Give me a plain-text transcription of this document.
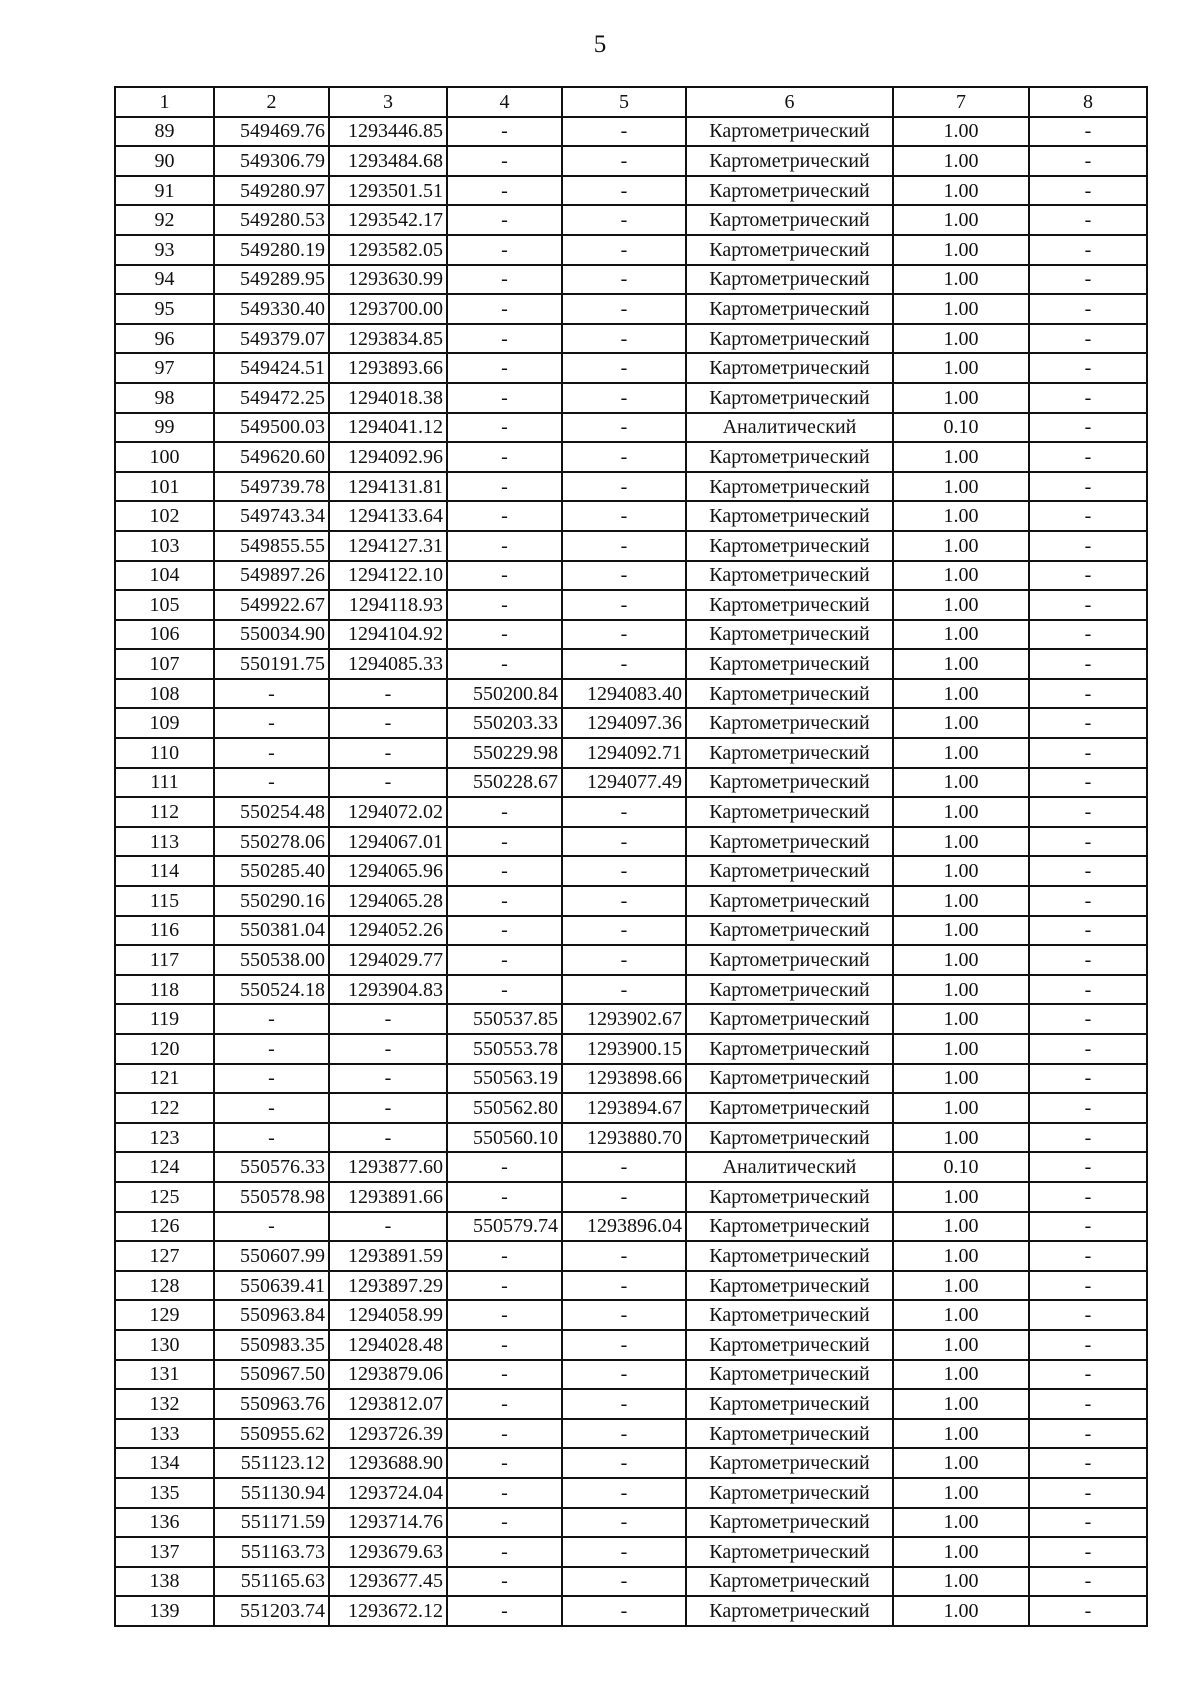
5
1	2	3	4	5	6	7	8
89	549469.76	1293446.85	-	-	Картометрический	1.00	-
90	549306.79	1293484.68	-	-	Картометрический	1.00	-
91	549280.97	1293501.51	-	-	Картометрический	1.00	-
92	549280.53	1293542.17	-	-	Картометрический	1.00	-
93	549280.19	1293582.05	-	-	Картометрический	1.00	-
94	549289.95	1293630.99	-	-	Картометрический	1.00	-
95	549330.40	1293700.00	-	-	Картометрический	1.00	-
96	549379.07	1293834.85	-	-	Картометрический	1.00	-
97	549424.51	1293893.66	-	-	Картометрический	1.00	-
98	549472.25	1294018.38	-	-	Картометрический	1.00	-
99	549500.03	1294041.12	-	-	Аналитический	0.10	-
100	549620.60	1294092.96	-	-	Картометрический	1.00	-
101	549739.78	1294131.81	-	-	Картометрический	1.00	-
102	549743.34	1294133.64	-	-	Картометрический	1.00	-
103	549855.55	1294127.31	-	-	Картометрический	1.00	-
104	549897.26	1294122.10	-	-	Картометрический	1.00	-
105	549922.67	1294118.93	-	-	Картометрический	1.00	-
106	550034.90	1294104.92	-	-	Картометрический	1.00	-
107	550191.75	1294085.33	-	-	Картометрический	1.00	-
108	-	-	550200.84	1294083.40	Картометрический	1.00	-
109	-	-	550203.33	1294097.36	Картометрический	1.00	-
110	-	-	550229.98	1294092.71	Картометрический	1.00	-
111	-	-	550228.67	1294077.49	Картометрический	1.00	-
112	550254.48	1294072.02	-	-	Картометрический	1.00	-
113	550278.06	1294067.01	-	-	Картометрический	1.00	-
114	550285.40	1294065.96	-	-	Картометрический	1.00	-
115	550290.16	1294065.28	-	-	Картометрический	1.00	-
116	550381.04	1294052.26	-	-	Картометрический	1.00	-
117	550538.00	1294029.77	-	-	Картометрический	1.00	-
118	550524.18	1293904.83	-	-	Картометрический	1.00	-
119	-	-	550537.85	1293902.67	Картометрический	1.00	-
120	-	-	550553.78	1293900.15	Картометрический	1.00	-
121	-	-	550563.19	1293898.66	Картометрический	1.00	-
122	-	-	550562.80	1293894.67	Картометрический	1.00	-
123	-	-	550560.10	1293880.70	Картометрический	1.00	-
124	550576.33	1293877.60	-	-	Аналитический	0.10	-
125	550578.98	1293891.66	-	-	Картометрический	1.00	-
126	-	-	550579.74	1293896.04	Картометрический	1.00	-
127	550607.99	1293891.59	-	-	Картометрический	1.00	-
128	550639.41	1293897.29	-	-	Картометрический	1.00	-
129	550963.84	1294058.99	-	-	Картометрический	1.00	-
130	550983.35	1294028.48	-	-	Картометрический	1.00	-
131	550967.50	1293879.06	-	-	Картометрический	1.00	-
132	550963.76	1293812.07	-	-	Картометрический	1.00	-
133	550955.62	1293726.39	-	-	Картометрический	1.00	-
134	551123.12	1293688.90	-	-	Картометрический	1.00	-
135	551130.94	1293724.04	-	-	Картометрический	1.00	-
136	551171.59	1293714.76	-	-	Картометрический	1.00	-
137	551163.73	1293679.63	-	-	Картометрический	1.00	-
138	551165.63	1293677.45	-	-	Картометрический	1.00	-
139	551203.74	1293672.12	-	-	Картометрический	1.00	-
